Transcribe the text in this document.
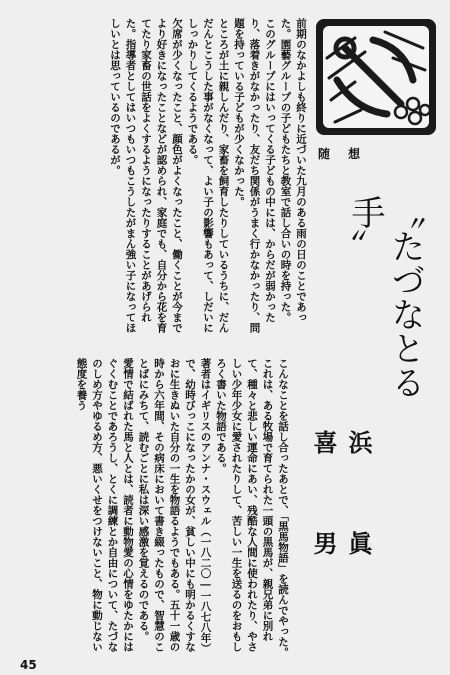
前期のなかよしも終りに近づいた九月のある雨の日のことであった。園藝グループの子どもたちと教室で話し合いの時を持った。
このグループにはいってくる子どもの中には、からだが弱かったり、落着きがなかったり、友だち関係がうまく行かなかったり、問題を持っている子どもが少くなかった。
ところが土に親しんだり、家畜を飼育したりしているうちに、だんだんとこうした事がなくなって、よい子の影響もあって、しだいにしっかりしてくるようである。
欠席が少くなったこと、顔色がよくなったこと、働くことが今までより好きになったことなどが認められ、家庭でも、自分から花を育てたり家畜の世話をよくするようになったりすることがあげられた。指導者としてはいつもいつもこうしたがまん強い子になってほしいとは思っているのであるが。	随想
〝たづなとる手〟
浜 眞 喜 男
こんなことを話し合ったあとで、「黒馬物語」を読んでやった。
これは、ある牧場で育てられた一頭の黒馬が、親兄弟に別れて、種々と悲しい運命にあい、残酷な人間に使われたり、やさしい少年少女に愛されたりして、苦しい一生を送るのをおもしろく書いた物語である。
著者はイギリスのアンナ・スウェル（一八二〇―一八七八年）で、幼時びっこになったかの女が、貧しい中にも明かるくすなおに生きぬいた自分の一生を物語るようでもある。五十一歳の時から六年間、その病床において書き綴ったもので、智慧のことばにみちて、読むごとに私は深い感激を覚えるのである。
愛情で結ばれた馬と人とは、読者に動物愛の心情をゆたかにはぐくむことであろうし、とくに調練とか自由について、たづなのしめ方やゆるめ方、悪いくせをつけないこと、物に動じない態度を養う
45
